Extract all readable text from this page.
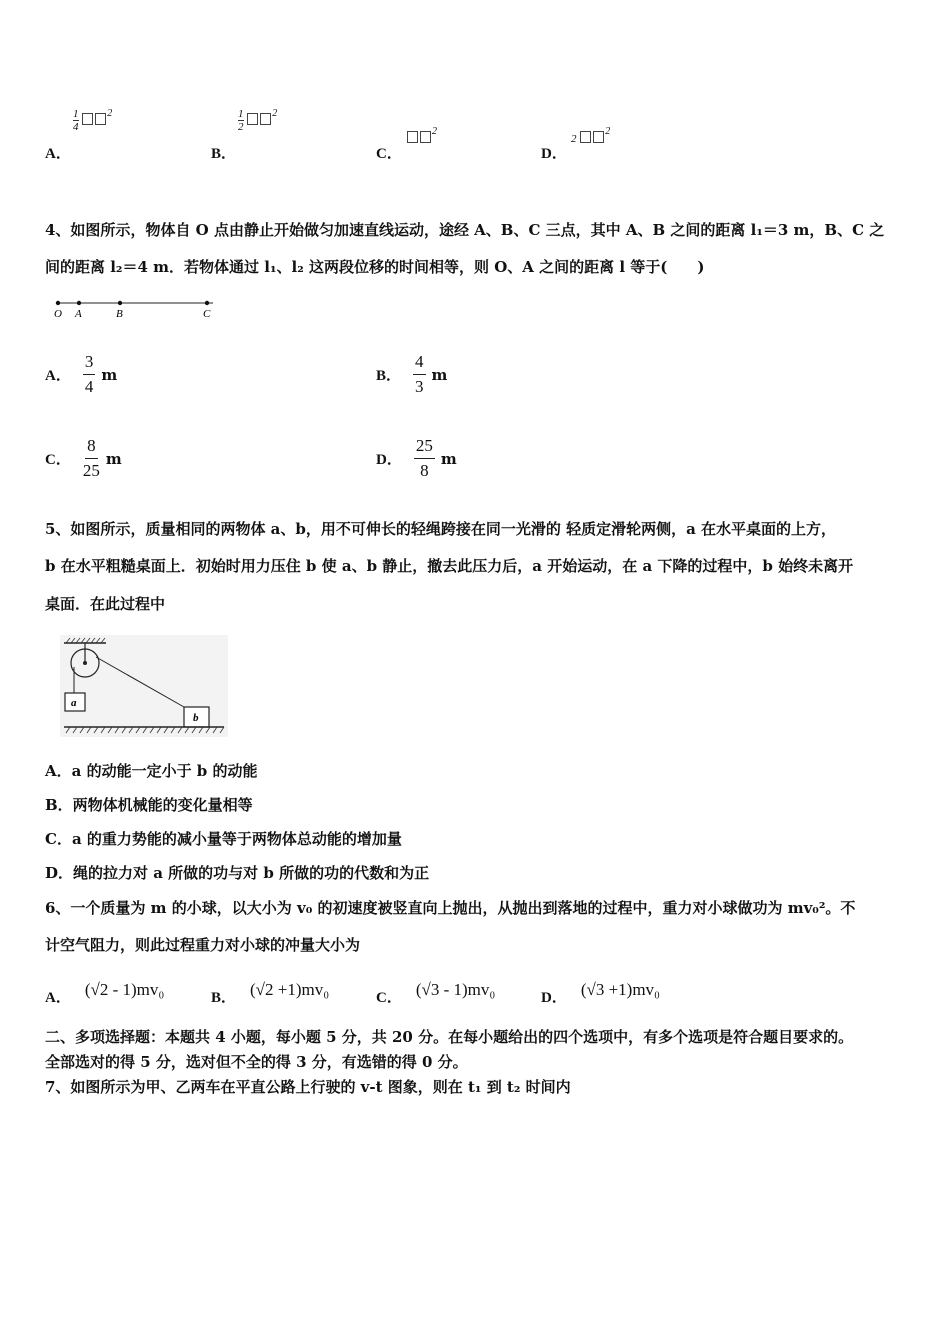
A．
$\frac{1}{4}$	$^2$
B．
$\frac{1}{2}$	$^2$
C．
$^2$
D．
2 $^2$
4、如图所示，物体自 O 点由静止开始做匀加速直线运动，途经 A、B、C 三点，其中 A、B 之间的距离 l₁＝3 m，B、C 之
间的距离 l₂＝4 m．若物体通过 l₁、l₂ 这两段位移的时间相等，则 O、A 之间的距离 l 等于(　　)
O A	B	C
A． $\frac{3}{4}$ m	B． $\frac{4}{3}$ m
C． $\frac{8}{25}$ m	D． $\frac{25}{8}$ m
5、如图所示，质量相同的两物体 a、b，用不可伸长的轻绳跨接在同一光滑的 轻质定滑轮两侧，a 在水平桌面的上方，
b 在水平粗糙桌面上．初始时用力压住 b 使 a、b 静止，撤去此压力后，a 开始运动，在 a 下降的过程中，b 始终未离开
桌面．在此过程中
a
b
A．a 的动能一定小于 b 的动能
B．两物体机械能的变化量相等
C．a 的重力势能的减小量等于两物体总动能的增加量
D．绳的拉力对 a 所做的功与对 b 所做的功的代数和为正
6、一个质量为 m 的小球，以大小为 v₀ 的初速度被竖直向上抛出，从抛出到落地的过程中，重力对小球做功为 mv₀²。不
计空气阻力，则此过程重力对小球的冲量大小为
A． (√2 - 1)mv₀	B． (√2 +1)mv₀	C． (√3 - 1)mv₀	D． (√3 +1)mv₀
二、多项选择题：本题共 4 小题，每小题 5 分，共 20 分。在每小题给出的四个选项中，有多个选项是符合题目要求的。
全部选对的得 5 分，选对但不全的得 3 分，有选错的得 0 分。
7、如图所示为甲、乙两车在平直公路上行驶的 v-t 图象，则在 t₁ 到 t₂ 时间内
